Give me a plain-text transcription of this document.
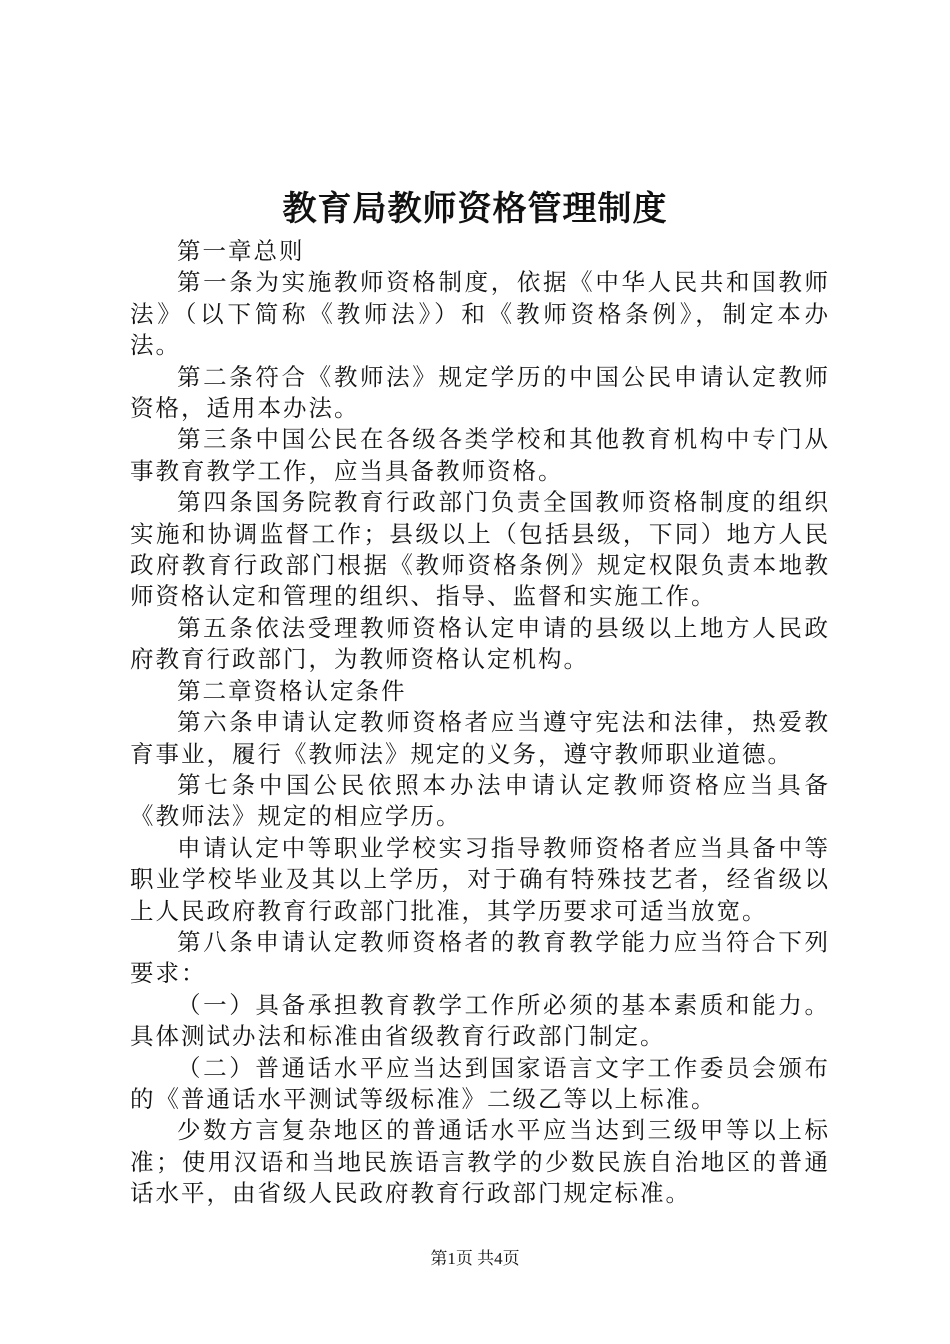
教育局教师资格管理制度

第一章总则

第一条为实施教师资格制度，依据《中华人民共和国教师法》（以下简称《教师法》）和《教师资格条例》，制定本办法。

第二条符合《教师法》规定学历的中国公民申请认定教师资格，适用本办法。

第三条中国公民在各级各类学校和其他教育机构中专门从事教育教学工作，应当具备教师资格。

第四条国务院教育行政部门负责全国教师资格制度的组织实施和协调监督工作；县级以上（包括县级，下同）地方人民政府教育行政部门根据《教师资格条例》规定权限负责本地教师资格认定和管理的组织、指导、监督和实施工作。

第五条依法受理教师资格认定申请的县级以上地方人民政府教育行政部门，为教师资格认定机构。

第二章资格认定条件

第六条申请认定教师资格者应当遵守宪法和法律，热爱教育事业，履行《教师法》规定的义务，遵守教师职业道德。

第七条中国公民依照本办法申请认定教师资格应当具备《教师法》规定的相应学历。

申请认定中等职业学校实习指导教师资格者应当具备中等职业学校毕业及其以上学历，对于确有特殊技艺者，经省级以上人民政府教育行政部门批准，其学历要求可适当放宽。

第八条申请认定教师资格者的教育教学能力应当符合下列要求：

（一）具备承担教育教学工作所必须的基本素质和能力。具体测试办法和标准由省级教育行政部门制定。

（二）普通话水平应当达到国家语言文字工作委员会颁布的《普通话水平测试等级标准》二级乙等以上标准。

少数方言复杂地区的普通话水平应当达到三级甲等以上标准；使用汉语和当地民族语言教学的少数民族自治地区的普通话水平，由省级人民政府教育行政部门规定标准。

第1页 共4页
